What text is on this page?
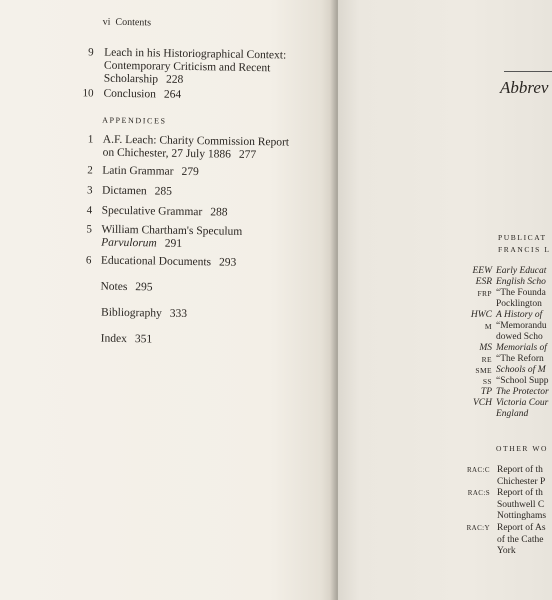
vi Contents
9 Leach in his Historiographical Context:
Contemporary Criticism and Recent
Scholarship 228
10 Conclusion 264
APPENDICES
1 A.F. Leach: Charity Commission Report
on Chichester, 27 July 1886 277
2 Latin Grammar 279
3 Dictamen 285
4 Speculative Grammar 288
5 William Chartham's Speculum
Parvulorum 291
6 Educational Documents 293
Notes 295
Bibliography 333
Index 351
Abbrev
PUBLICAT
FRANCIS L
EEW Early Educat
ESR English Scho
FRP “The Founda
Pocklington
HWC A History of
M “Memorandu
dowed Scho
MS Memorials of
RE “The Reforn
SME Schools of M
SS “School Supp
TP The Protector
VCH Victoria Cour
England
OTHER WO
RAC:C Report of th
Chichester P
RAC:S Report of th
Southwell C
Nottinghams
RAC:Y Report of As
of the Cathe
York
